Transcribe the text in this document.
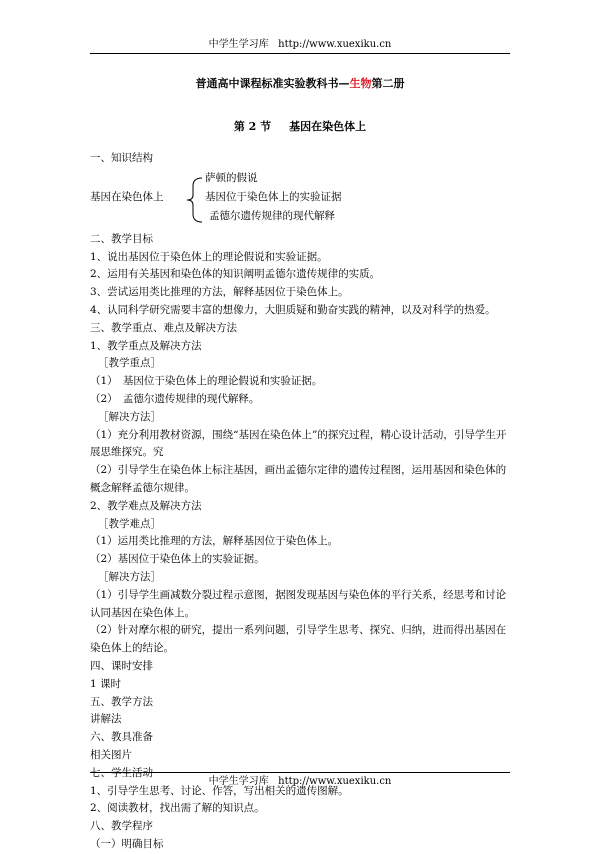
中学生学习库 http://www.xuexiku.cn
普通高中课程标准实验教科书—生物第二册
第 2 节 基因在染色体上

一、知识结构

基因在染色体上
萨顿的假说
基因位于染色体上的实验证据
孟德尔遗传规律的现代解释

二、教学目标

1、说出基因位于染色体上的理论假说和实验证据。

2、运用有关基因和染色体的知识阐明孟德尔遗传规律的实质。

3、尝试运用类比推理的方法，解释基因位于染色体上。

4、认同科学研究需要丰富的想像力，大胆质疑和勤奋实践的精神，以及对科学的热爱。

三、教学重点、难点及解决方法

1、教学重点及解决方法

［教学重点］

（1）　基因位于染色体上的理论假说和实验证据。

（2）　孟德尔遗传规律的现代解释。

［解决方法］

（1）充分利用教材资源，围绕“基因在染色体上”的探究过程，精心设计活动，引导学生开展思维探究。究

（2）引导学生在染色体上标注基因，画出孟德尔定律的遗传过程图，运用基因和染色体的概念解释孟德尔规律。

2、教学难点及解决方法

［教学难点］

（1）运用类比推理的方法，解释基因位于染色体上。

（2）基因位于染色体上的实验证据。

［解决方法］

（1）引导学生画减数分裂过程示意图，据图发现基因与染色体的平行关系，经思考和讨论认同基因在染色体上。

（2）针对摩尔根的研究，提出一系列问题，引导学生思考、探究、归纳，进而得出基因在染色体上的结论。

四、课时安排

1 课时

五、教学方法

讲解法

六、教具准备

相关图片

七、学生活动

1、引导学生思考、讨论、作答，写出相关的遗传图解。

2、阅读教材，找出需了解的知识点。

八、教学程序

（一）明确目标

中学生学习库 http://www.xuexiku.cn
